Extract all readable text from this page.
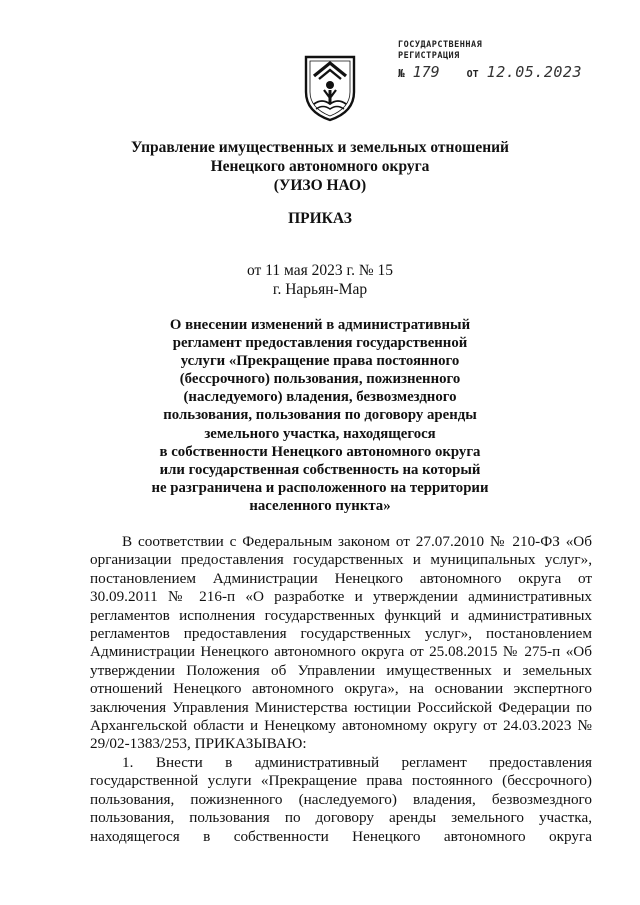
ГОСУДАРСТВЕННАЯ
РЕГИСТРАЦИЯ
№ 179	ОТ 12.05.2023
Управление имущественных и земельных отношений
Ненецкого автономного округа
(УИЗО НАО)
ПРИКАЗ
от 11 мая 2023 г. № 15
г. Нарьян-Мар
О внесении изменений в административный
регламент предоставления государственной
услуги «Прекращение права постоянного
(бессрочного) пользования, пожизненного
(наследуемого) владения, безвозмездного
пользования, пользования по договору аренды
земельного участка, находящегося
в собственности Ненецкого автономного округа
или государственная собственность на который
не разграничена и расположенного на территории
населенного пункта»

В соответствии с Федеральным законом от 27.07.2010 № 210-ФЗ «Об организации предоставления государственных и муниципальных услуг», постановлением Администрации Ненецкого автономного округа от 30.09.2011 № 216-п «О разработке и утверждении административных регламентов исполнения государственных функций и административных регламентов предоставления государственных услуг», постановлением Администрации Ненецкого автономного округа от 25.08.2015 № 275-п «Об утверждении Положения об Управлении имущественных и земельных отношений Ненецкого автономного округа», на основании экспертного заключения Управления Министерства юстиции Российской Федерации по Архангельской области и Ненецкому автономному округу от 24.03.2023 № 29/02-1383/253, ПРИКАЗЫВАЮ:

1. Внести в административный регламент предоставления государственной услуги «Прекращение права постоянного (бессрочного) пользования, пожизненного (наследуемого) владения, безвозмездного пользования, пользования по договору аренды земельного участка, находящегося в собственности Ненецкого автономного округа
